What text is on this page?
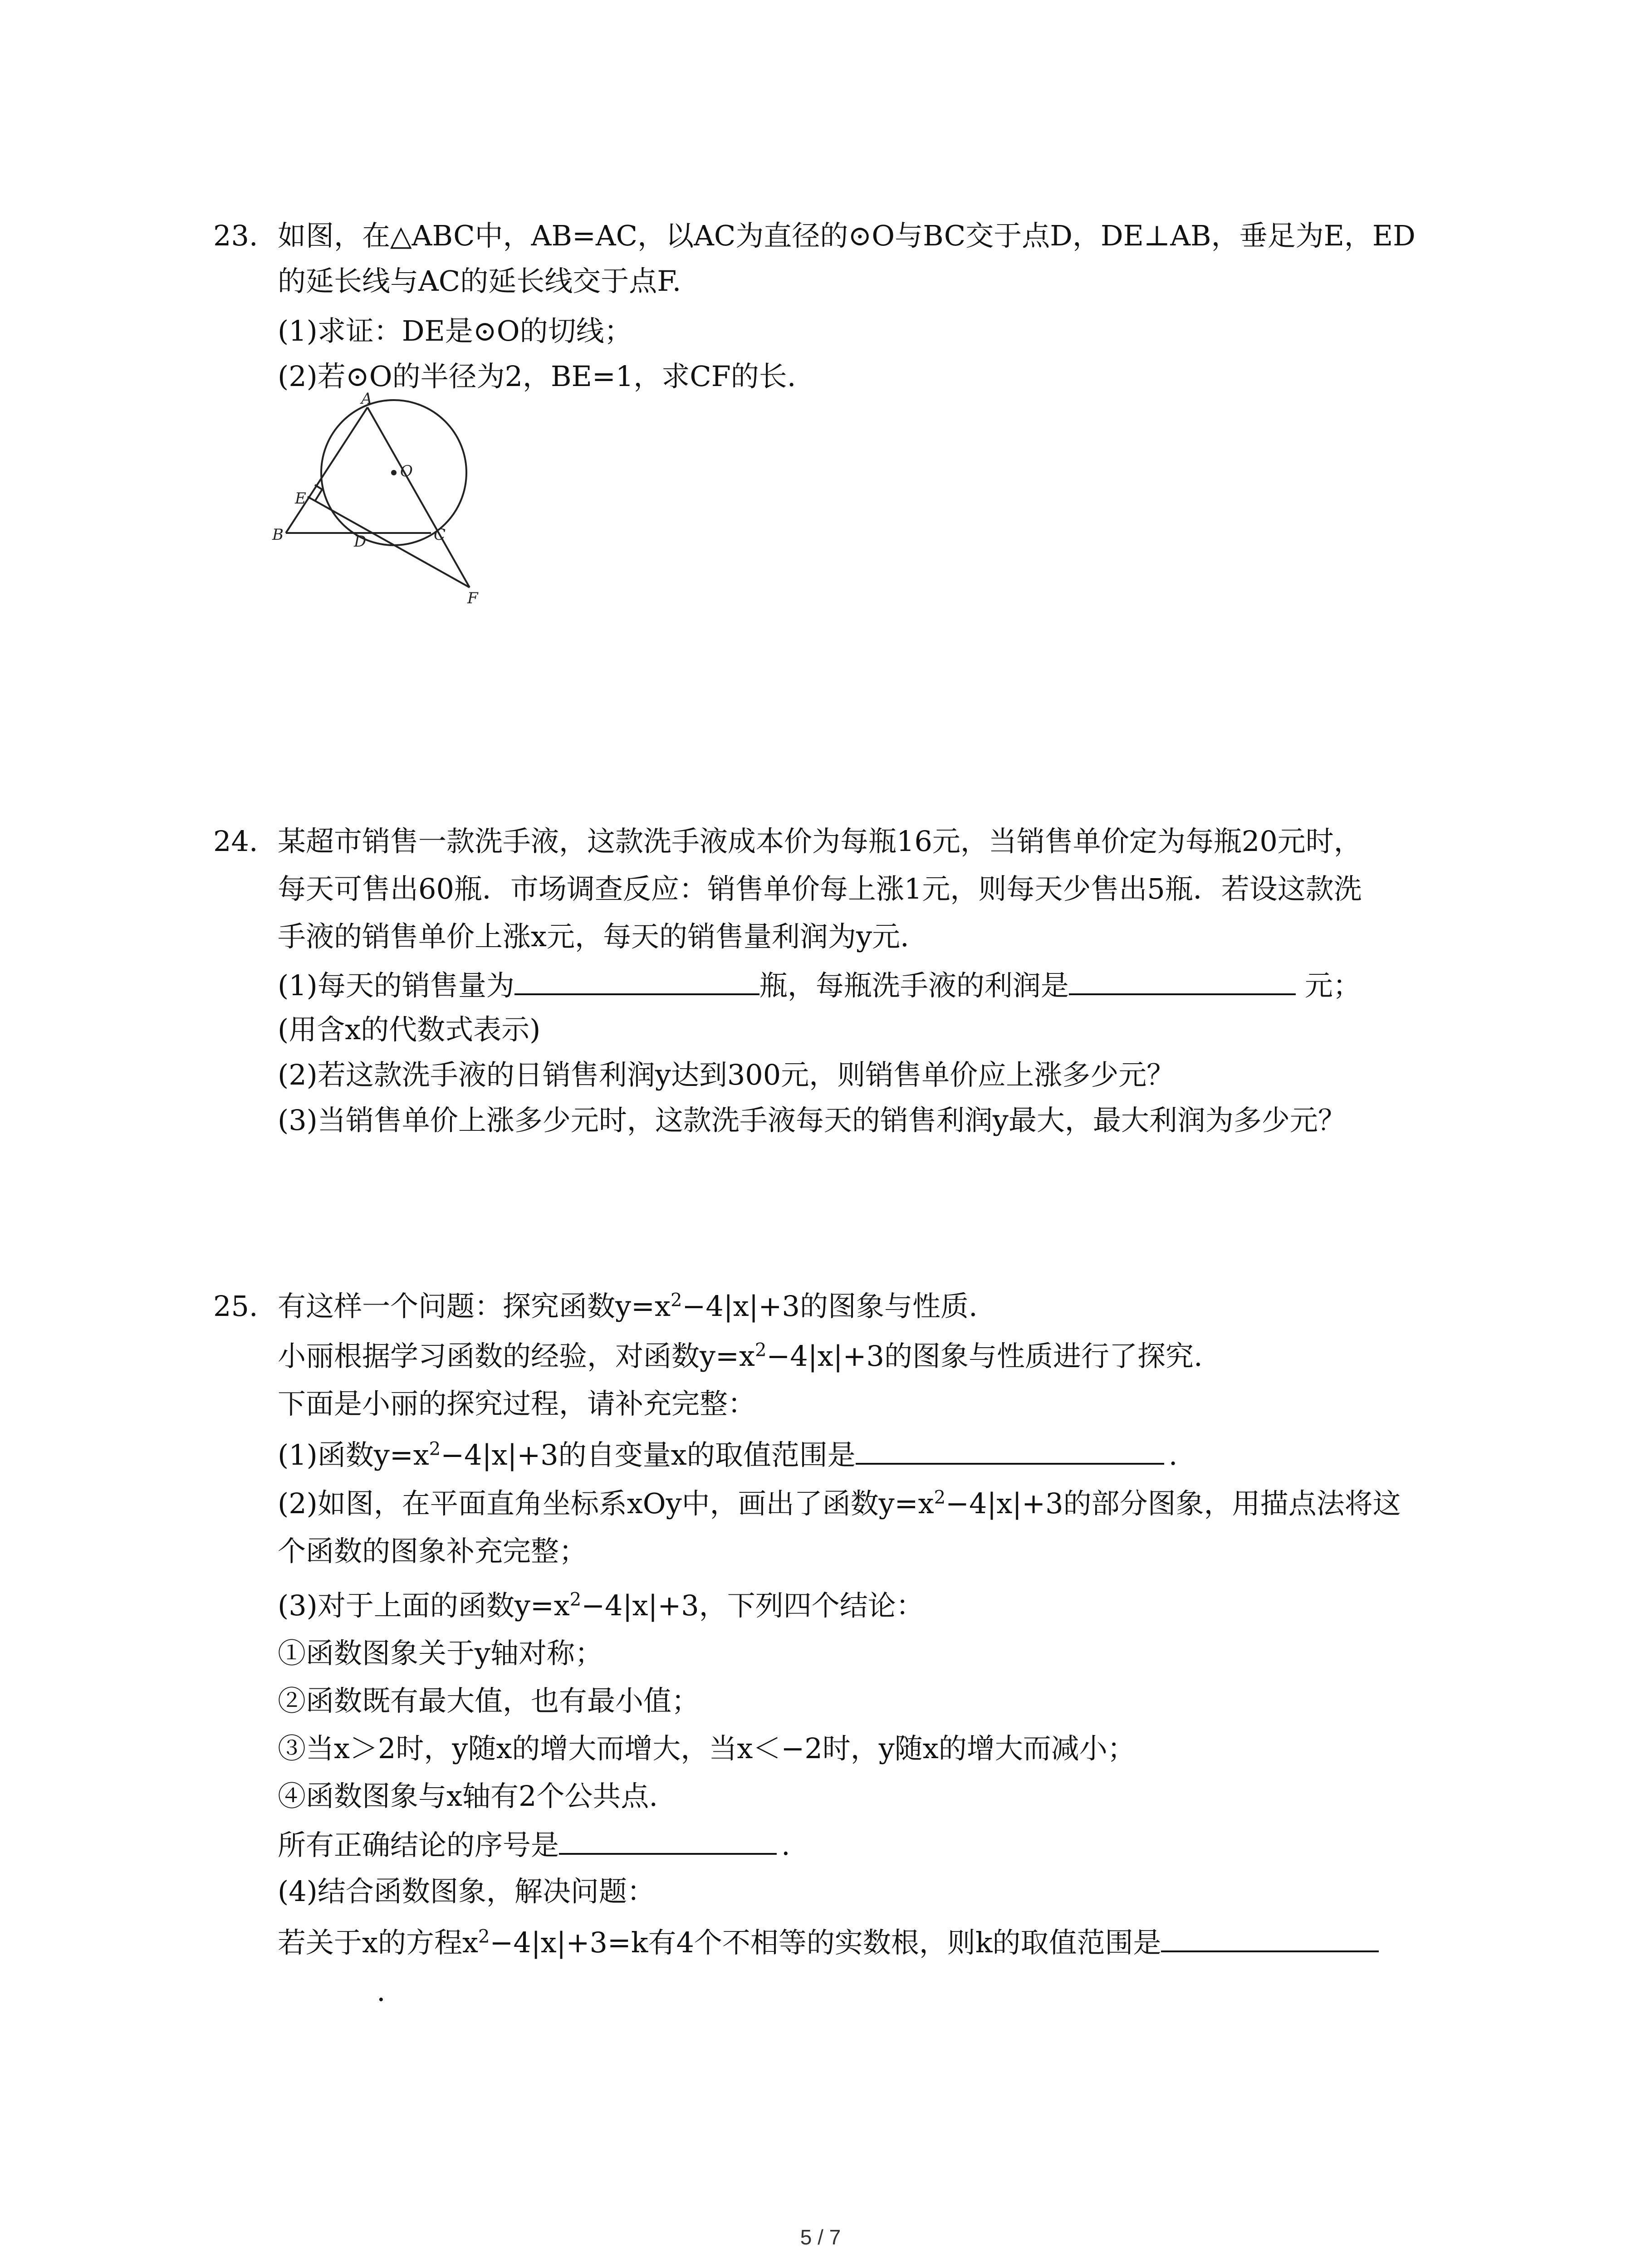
23. 如图，在△ABC中，AB=AC，以AC为直径的⊙O与BC交于点D，DE⊥AB，垂足为E，ED
的延长线与AC的延长线交于点F.
(1)求证：DE是⊙O的切线；
(2)若⊙O的半径为2，BE=1，求CF的长.
A
O
E
B	D	C
F
24. 某超市销售一款洗手液，这款洗手液成本价为每瓶16元，当销售单价定为每瓶20元时，
每天可售出60瓶．市场调查反应：销售单价每上涨1元，则每天少售出5瓶．若设这款洗
手液的销售单价上涨x元，每天的销售量利润为y元.
(1)每天的销售量为	瓶，每瓶洗手液的利润是	元；
(用含x的代数式表示)
(2)若这款洗手液的日销售利润y达到300元，则销售单价应上涨多少元？
(3)当销售单价上涨多少元时，这款洗手液每天的销售利润y最大，最大利润为多少元？
25. 有这样一个问题：探究函数$y=x^2-4|x|+3$的图象与性质.
小丽根据学习函数的经验，对函数$y=x^2-4|x|+3$的图象与性质进行了探究.
下面是小丽的探究过程，请补充完整：
(1)函数$y=x^2-4|x|+3$的自变量x的取值范围是	.
(2)如图，在平面直角坐标系xOy中，画出了函数$y=x^2-4|x|+3$的部分图象，用描点法将这
个函数的图象补充完整；
(3)对于上面的函数$y=x^2-4|x|+3$，下列四个结论：
①函数图象关于y轴对称；
②函数既有最大值，也有最小值；
③当x＞2时，y随x的增大而增大，当x＜−2时，y随x的增大而减小；
④函数图象与x轴有2个公共点.
所有正确结论的序号是	.
(4)结合函数图象，解决问题：
若关于x的方程$x^2-4|x|+3=k$有4个不相等的实数根，则k的取值范围是
.
5 / 7
